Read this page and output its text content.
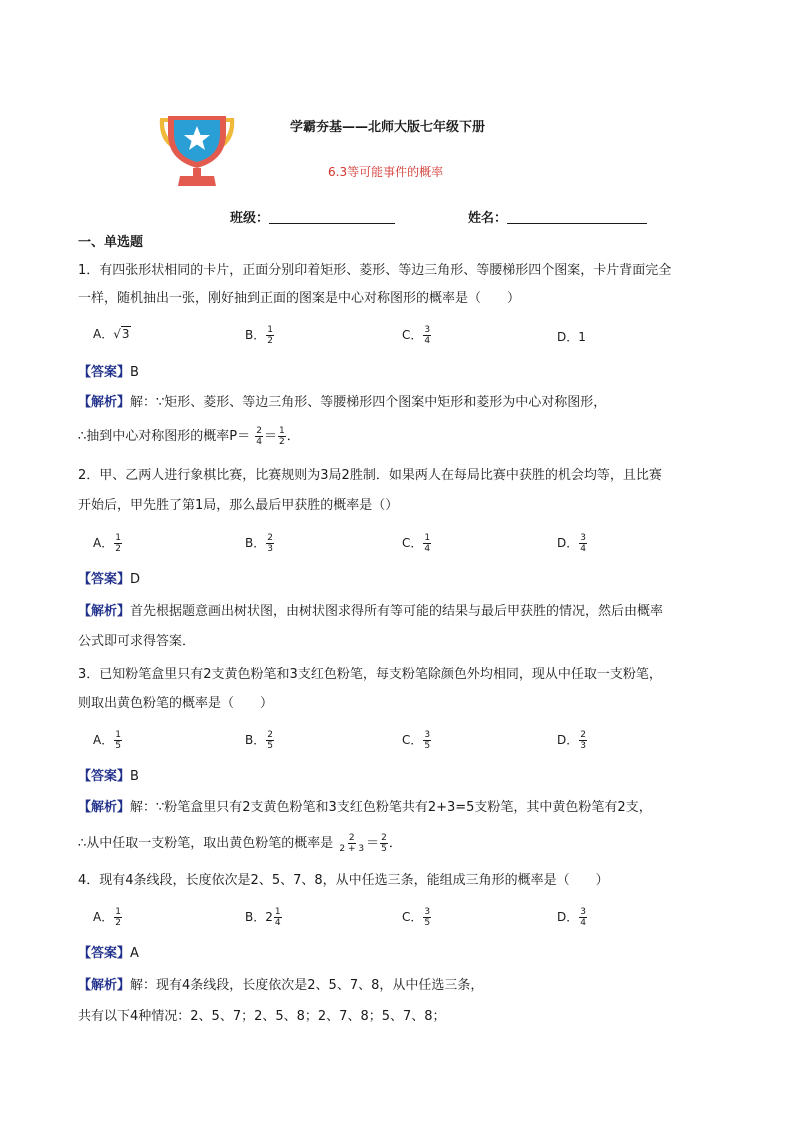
学霸夯基——北师大版七年级下册
6.3等可能事件的概率
班级：	姓名：
一、单选题
1．有四张形状相同的卡片，正面分别印着矩形、菱形、等边三角形、等腰梯形四个图案，卡片背面完全
一样，随机抽出一张，刚好抽到正面的图案是中心对称图形的概率是（　　）
A．√3	B． $\frac{1}{2}$	C． $\frac{3}{4}$	D．1
【答案】B
【解析】解：∵矩形、菱形、等边三角形、等腰梯形四个图案中矩形和菱形为中心对称图形，
∴抽到中心对称图形的概率$P= \frac{2}{4} = \frac{1}{2}$ ．
2．甲、乙两人进行象棋比赛，比赛规则为3局2胜制．如果两人在每局比赛中获胜的机会均等，且比赛
开始后，甲先胜了第1局，那么最后甲获胜的概率是（）
A． $\frac{1}{2}$	B． $\frac{2}{3}$	C． $\frac{1}{4}$	D． $\frac{3}{4}$
【答案】D
【解析】首先根据题意画出树状图，由树状图求得所有等可能的结果与最后甲获胜的情况，然后由概率
公式即可求得答案．
3．已知粉笔盒里只有2支黄色粉笔和3支红色粉笔，每支粉笔除颜色外均相同，现从中任取一支粉笔，
则取出黄色粉笔的概率是（　　）
A． $\frac{1}{5}$	B． $\frac{2}{5}$	C． $\frac{3}{5}$	D． $\frac{2}{3}$
【答案】B
【解析】解：∵粉笔盒里只有2支黄色粉笔和3支红色粉笔共有2+3=5支粉笔，其中黄色粉笔有2支，
∴从中任取一支粉笔，取出黄色粉笔的概率是 $\frac{2}{2 + 3} = \frac{2}{5}$ ．
4．现有4条线段，长度依次是2、5、7、8，从中任选三条，能组成三角形的概率是（　　）
A． $\frac{1}{2}$	B．$2 \frac{1}{4}$	C． $\frac{3}{5}$	D． $\frac{3}{4}$
【答案】A
【解析】解：现有4条线段，长度依次是2、5、7、8，从中任选三条，
共有以下4种情况：2、5、7；2、5、8；2、7、8；5、7、8；
